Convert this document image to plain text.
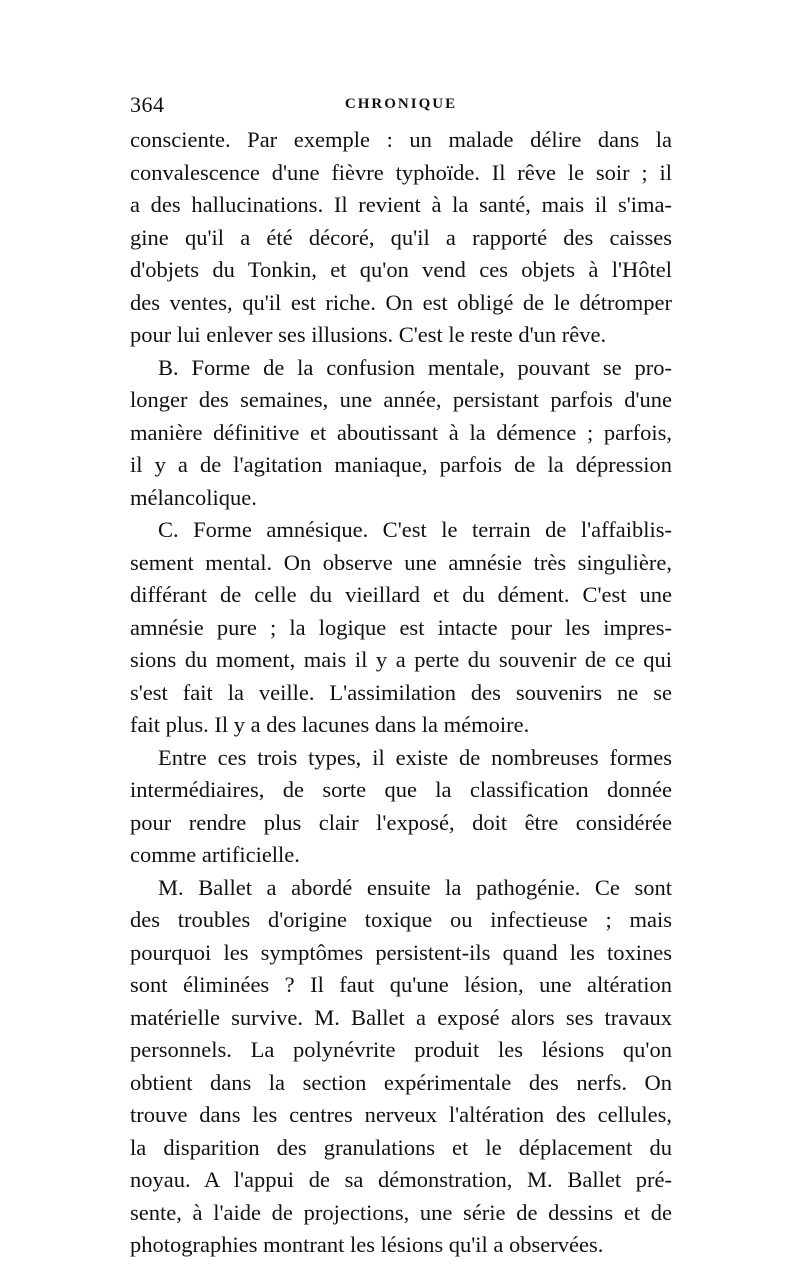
364	CHRONIQUE
consciente. Par exemple : un malade délire dans la
convalescence d'une fièvre typhoïde. Il rêve le soir ; il
a des hallucinations. Il revient à la santé, mais il s'ima-
gine qu'il a été décoré, qu'il a rapporté des caisses
d'objets du Tonkin, et qu'on vend ces objets à l'Hôtel
des ventes, qu'il est riche. On est obligé de le détromper
pour lui enlever ses illusions. C'est le reste d'un rêve.
B. Forme de la confusion mentale, pouvant se pro-
longer des semaines, une année, persistant parfois d'une
manière définitive et aboutissant à la démence ; parfois,
il y a de l'agitation maniaque, parfois de la dépression
mélancolique.
C. Forme amnésique. C'est le terrain de l'affaiblis-
sement mental. On observe une amnésie très singulière,
différant de celle du vieillard et du dément. C'est une
amnésie pure ; la logique est intacte pour les impres-
sions du moment, mais il y a perte du souvenir de ce qui
s'est fait la veille. L'assimilation des souvenirs ne se
fait plus. Il y a des lacunes dans la mémoire.
Entre ces trois types, il existe de nombreuses formes
intermédiaires, de sorte que la classification donnée
pour rendre plus clair l'exposé, doit être considérée
comme artificielle.
M. Ballet a abordé ensuite la pathogénie. Ce sont
des troubles d'origine toxique ou infectieuse ; mais
pourquoi les symptômes persistent-ils quand les toxines
sont éliminées ? Il faut qu'une lésion, une altération
matérielle survive. M. Ballet a exposé alors ses travaux
personnels. La polynévrite produit les lésions qu'on
obtient dans la section expérimentale des nerfs. On
trouve dans les centres nerveux l'altération des cellules,
la disparition des granulations et le déplacement du
noyau. A l'appui de sa démonstration, M. Ballet pré-
sente, à l'aide de projections, une série de dessins et de
photographies montrant les lésions qu'il a observées.
